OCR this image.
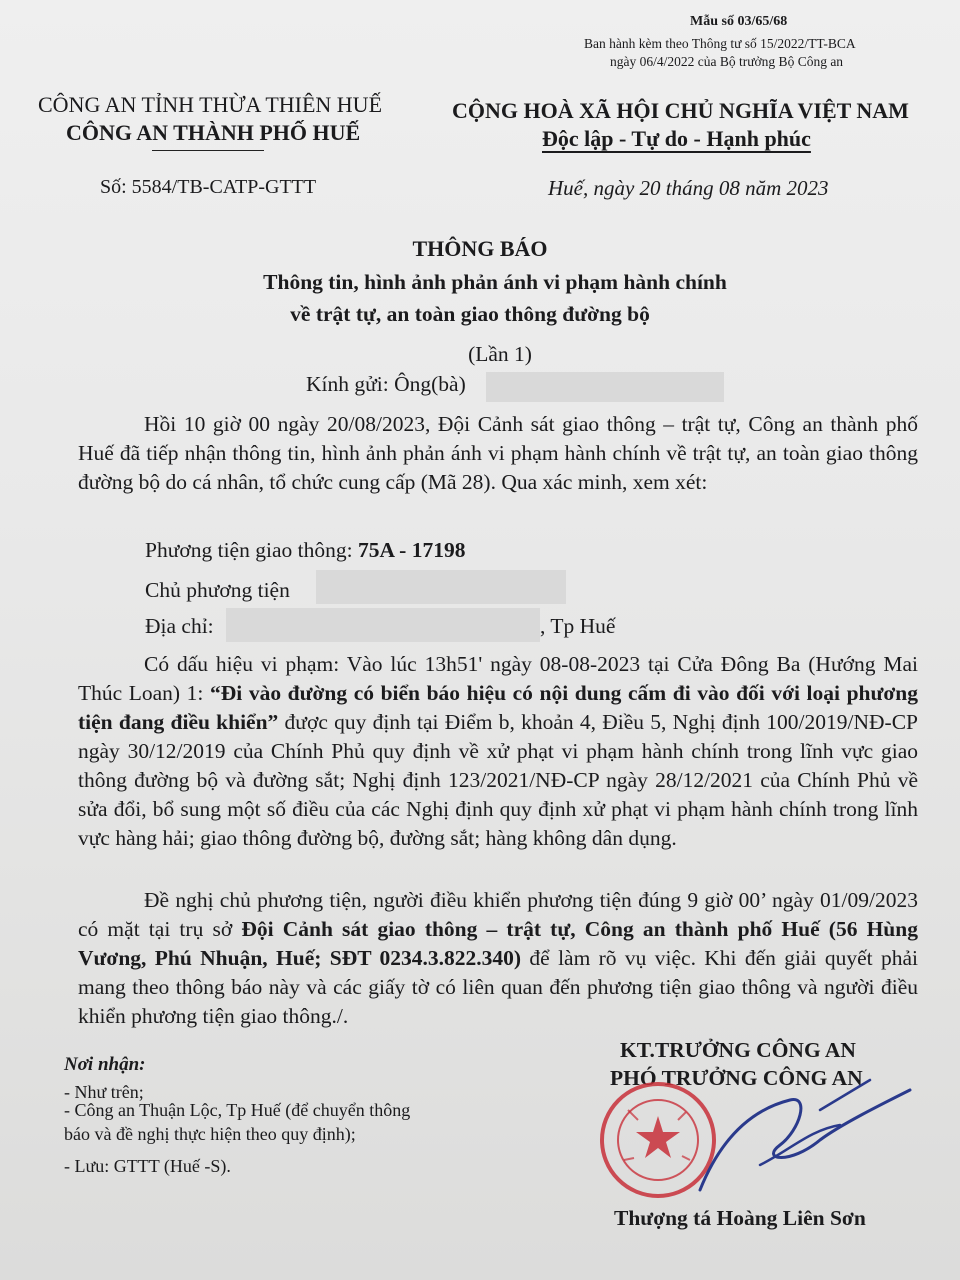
Mẫu số 03/65/68
Ban hành kèm theo Thông tư số 15/2022/TT-BCA
ngày 06/4/2022 của Bộ trưởng Bộ Công an
CÔNG AN TỈNH THỪA THIÊN HUẾ
CÔNG AN THÀNH PHỐ HUẾ
Số: 5584/TB-CATP-GTTT
CỘNG HOÀ XÃ HỘI CHỦ NGHĨA VIỆT NAM
Độc lập - Tự do - Hạnh phúc
Huế, ngày 20 tháng 08 năm 2023
THÔNG BÁO
Thông tin, hình ảnh phản ánh vi phạm hành chính
về trật tự, an toàn giao thông đường bộ
(Lần 1)
Kính gửi: Ông(bà)
Hồi 10 giờ 00 ngày 20/08/2023, Đội Cảnh sát giao thông – trật tự, Công an thành phố Huế đã tiếp nhận thông tin, hình ảnh phản ánh vi phạm hành chính về trật tự, an toàn giao thông đường bộ do cá nhân, tổ chức cung cấp (Mã 28). Qua xác minh, xem xét:
Phương tiện giao thông: 75A - 17198
Chủ phương tiện
Địa chỉ:	, Tp Huế
Có dấu hiệu vi phạm: Vào lúc 13h51' ngày 08-08-2023 tại Cửa Đông Ba (Hướng Mai Thúc Loan) 1: “Đi vào đường có biển báo hiệu có nội dung cấm đi vào đối với loại phương tiện đang điều khiển” được quy định tại Điểm b, khoản 4, Điều 5, Nghị định 100/2019/NĐ-CP ngày 30/12/2019 của Chính Phủ quy định về xử phạt vi phạm hành chính trong lĩnh vực giao thông đường bộ và đường sắt; Nghị định 123/2021/NĐ-CP ngày 28/12/2021 của Chính Phủ về sửa đổi, bổ sung một số điều của các Nghị định quy định xử phạt vi phạm hành chính trong lĩnh vực hàng hải; giao thông đường bộ, đường sắt; hàng không dân dụng.
Đề nghị chủ phương tiện, người điều khiển phương tiện đúng 9 giờ 00’ ngày 01/09/2023 có mặt tại trụ sở Đội Cảnh sát giao thông – trật tự, Công an thành phố Huế (56 Hùng Vương, Phú Nhuận, Huế; SĐT 0234.3.822.340) để làm rõ vụ việc. Khi đến giải quyết phải mang theo thông báo này và các giấy tờ có liên quan đến phương tiện giao thông và người điều khiển phương tiện giao thông./.
Nơi nhận:
- Như trên;
- Công an Thuận Lộc, Tp Huế (để chuyển thông
báo và đề nghị thực hiện theo quy định);
- Lưu: GTTT (Huế -S).
KT.TRƯỞNG CÔNG AN
PHÓ TRƯỞNG CÔNG AN
Thượng tá Hoàng Liên Sơn
